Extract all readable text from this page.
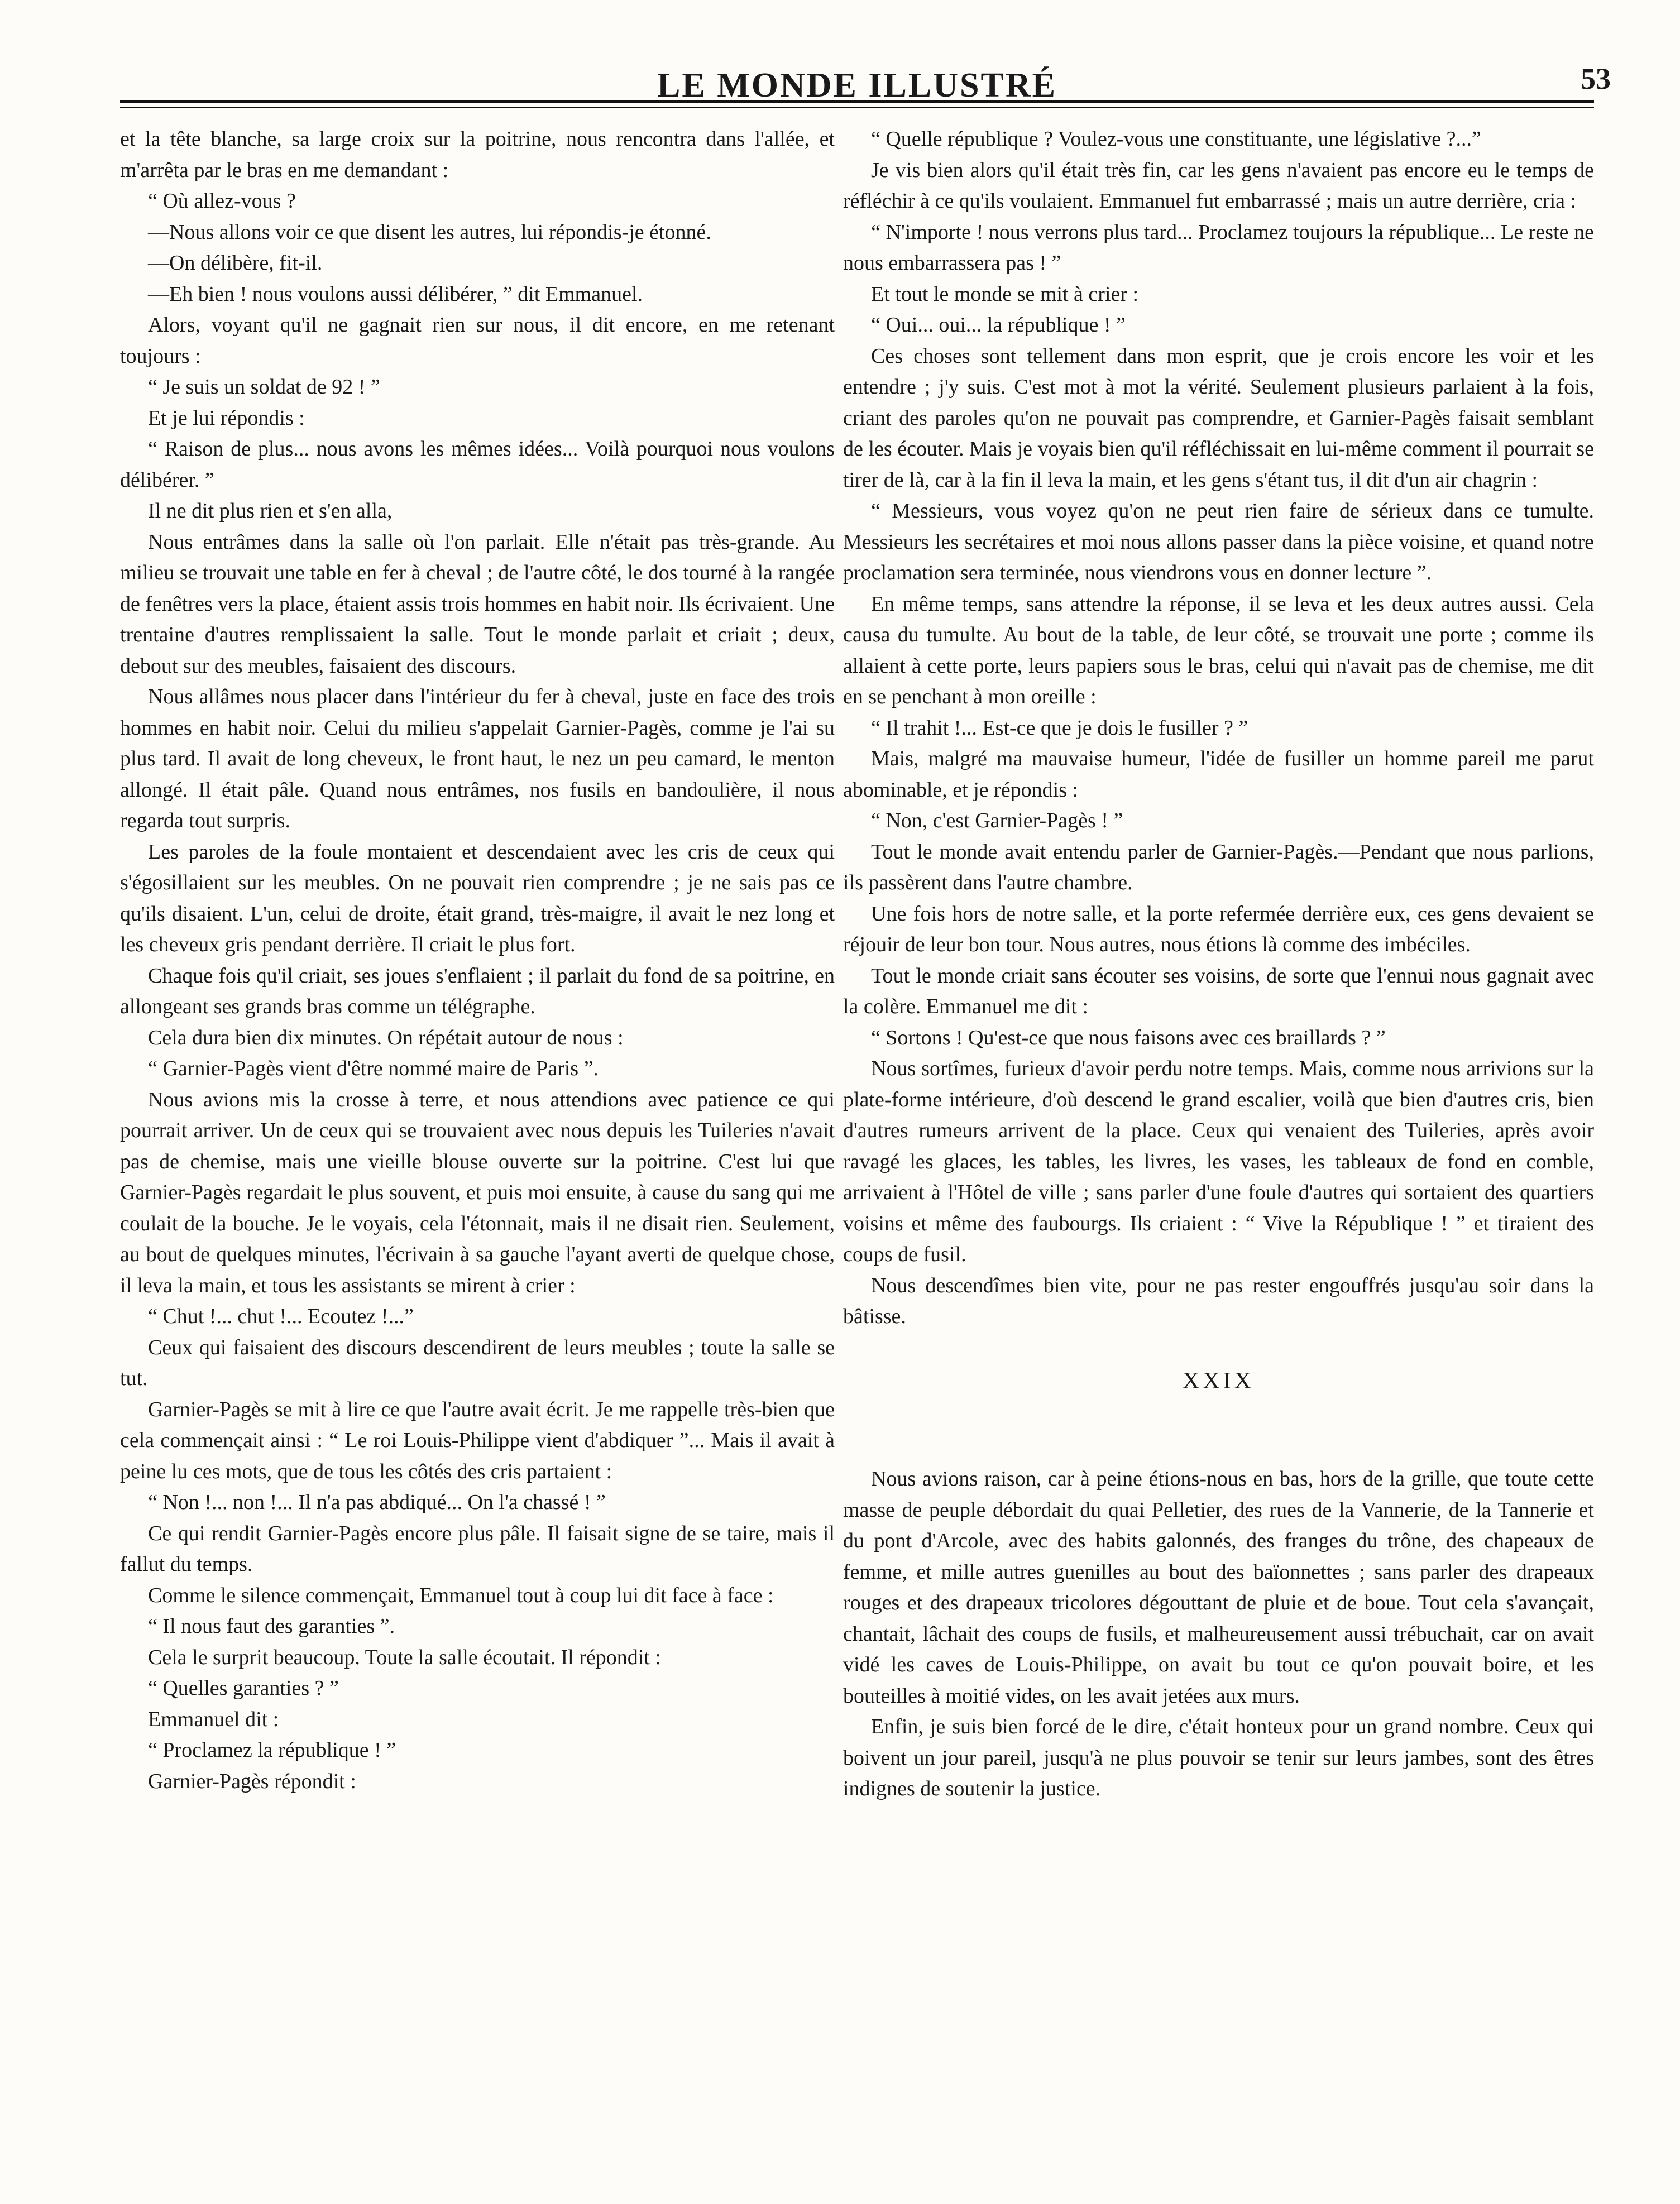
LE MONDE ILLUSTRÉ	53

et la tête blanche, sa large croix sur la poitrine, nous rencontra dans l'allée, et m'arrêta par le bras en me demandant :

“ Où allez-vous ?

—Nous allons voir ce que disent les autres, lui répondis-je étonné.

—On délibère, fit-il.

—Eh bien ! nous voulons aussi délibérer, ” dit Emmanuel.

Alors, voyant qu'il ne gagnait rien sur nous, il dit encore, en me retenant toujours :

“ Je suis un soldat de 92 ! ”

Et je lui répondis :

“ Raison de plus... nous avons les mêmes idées... Voilà pourquoi nous voulons délibérer. ”

Il ne dit plus rien et s'en alla,

Nous entrâmes dans la salle où l'on parlait. Elle n'était pas très-grande. Au milieu se trouvait une table en fer à cheval ; de l'autre côté, le dos tourné à la rangée de fenêtres vers la place, étaient assis trois hommes en habit noir. Ils écrivaient. Une trentaine d'autres remplissaient la salle. Tout le monde parlait et criait ; deux, debout sur des meubles, faisaient des discours.

Nous allâmes nous placer dans l'intérieur du fer à cheval, juste en face des trois hommes en habit noir. Celui du milieu s'appelait Garnier-Pagès, comme je l'ai su plus tard. Il avait de long cheveux, le front haut, le nez un peu camard, le menton allongé. Il était pâle. Quand nous entrâmes, nos fusils en bandoulière, il nous regarda tout surpris.

Les paroles de la foule montaient et descendaient avec les cris de ceux qui s'égosillaient sur les meubles. On ne pouvait rien comprendre ; je ne sais pas ce qu'ils disaient. L'un, celui de droite, était grand, très-maigre, il avait le nez long et les cheveux gris pendant derrière. Il criait le plus fort.

Chaque fois qu'il criait, ses joues s'enflaient ; il parlait du fond de sa poitrine, en allongeant ses grands bras comme un télégraphe.

Cela dura bien dix minutes. On répétait autour de nous :

“ Garnier-Pagès vient d'être nommé maire de Paris ”.

Nous avions mis la crosse à terre, et nous attendions avec patience ce qui pourrait arriver. Un de ceux qui se trouvaient avec nous depuis les Tuileries n'avait pas de chemise, mais une vieille blouse ouverte sur la poitrine. C'est lui que Garnier-Pagès regardait le plus souvent, et puis moi ensuite, à cause du sang qui me coulait de la bouche. Je le voyais, cela l'étonnait, mais il ne disait rien. Seulement, au bout de quelques minutes, l'écrivain à sa gauche l'ayant averti de quelque chose, il leva la main, et tous les assistants se mirent à crier :

“ Chut !... chut !... Ecoutez !...”

Ceux qui faisaient des discours descendirent de leurs meubles ; toute la salle se tut.

Garnier-Pagès se mit à lire ce que l'autre avait écrit. Je me rappelle très-bien que cela commençait ainsi : “ Le roi Louis-Philippe vient d'abdiquer ”... Mais il avait à peine lu ces mots, que de tous les côtés des cris partaient :

“ Non !... non !... Il n'a pas abdiqué... On l'a chassé ! ”

Ce qui rendit Garnier-Pagès encore plus pâle. Il faisait signe de se taire, mais il fallut du temps.

Comme le silence commençait, Emmanuel tout à coup lui dit face à face :

“ Il nous faut des garanties ”.

Cela le surprit beaucoup. Toute la salle écoutait. Il répondit :

“ Quelles garanties ? ”

Emmanuel dit :

“ Proclamez la république ! ”

Garnier-Pagès répondit :

“ Quelle république ? Voulez-vous une constituante, une législative ?...”

Je vis bien alors qu'il était très fin, car les gens n'avaient pas encore eu le temps de réfléchir à ce qu'ils voulaient. Emmanuel fut embarrassé ; mais un autre derrière, cria :

“ N'importe ! nous verrons plus tard... Proclamez toujours la république... Le reste ne nous embarrassera pas ! ”

Et tout le monde se mit à crier :

“ Oui... oui... la république ! ”

Ces choses sont tellement dans mon esprit, que je crois encore les voir et les entendre ; j'y suis. C'est mot à mot la vérité. Seulement plusieurs parlaient à la fois, criant des paroles qu'on ne pouvait pas comprendre, et Garnier-Pagès faisait semblant de les écouter. Mais je voyais bien qu'il réfléchissait en lui-même comment il pourrait se tirer de là, car à la fin il leva la main, et les gens s'étant tus, il dit d'un air chagrin :

“ Messieurs, vous voyez qu'on ne peut rien faire de sérieux dans ce tumulte. Messieurs les secrétaires et moi nous allons passer dans la pièce voisine, et quand notre proclamation sera terminée, nous viendrons vous en donner lecture ”.

En même temps, sans attendre la réponse, il se leva et les deux autres aussi. Cela causa du tumulte. Au bout de la table, de leur côté, se trouvait une porte ; comme ils allaient à cette porte, leurs papiers sous le bras, celui qui n'avait pas de chemise, me dit en se penchant à mon oreille :

“ Il trahit !... Est-ce que je dois le fusiller ? ”

Mais, malgré ma mauvaise humeur, l'idée de fusiller un homme pareil me parut abominable, et je répondis :

“ Non, c'est Garnier-Pagès ! ”

Tout le monde avait entendu parler de Garnier-Pagès.—Pendant que nous parlions, ils passèrent dans l'autre chambre.

Une fois hors de notre salle, et la porte refermée derrière eux, ces gens devaient se réjouir de leur bon tour. Nous autres, nous étions là comme des imbéciles.

Tout le monde criait sans écouter ses voisins, de sorte que l'ennui nous gagnait avec la colère. Emmanuel me dit :

“ Sortons ! Qu'est-ce que nous faisons avec ces braillards ? ”

Nous sortîmes, furieux d'avoir perdu notre temps. Mais, comme nous arrivions sur la plate-forme intérieure, d'où descend le grand escalier, voilà que bien d'autres cris, bien d'autres rumeurs arrivent de la place. Ceux qui venaient des Tuileries, après avoir ravagé les glaces, les tables, les livres, les vases, les tableaux de fond en comble, arrivaient à l'Hôtel de ville ; sans parler d'une foule d'autres qui sortaient des quartiers voisins et même des faubourgs. Ils criaient : “ Vive la République ! ” et tiraient des coups de fusil.

Nous descendîmes bien vite, pour ne pas rester engouffrés jusqu'au soir dans la bâtisse.

XXIX

Nous avions raison, car à peine étions-nous en bas, hors de la grille, que toute cette masse de peuple débordait du quai Pelletier, des rues de la Vannerie, de la Tannerie et du pont d'Arcole, avec des habits galonnés, des franges du trône, des chapeaux de femme, et mille autres guenilles au bout des baïonnettes ; sans parler des drapeaux rouges et des drapeaux tricolores dégouttant de pluie et de boue. Tout cela s'avançait, chantait, lâchait des coups de fusils, et malheureusement aussi trébuchait, car on avait vidé les caves de Louis-Philippe, on avait bu tout ce qu'on pouvait boire, et les bouteilles à moitié vides, on les avait jetées aux murs.

Enfin, je suis bien forcé de le dire, c'était honteux pour un grand nombre. Ceux qui boivent un jour pareil, jusqu'à ne plus pouvoir se tenir sur leurs jambes, sont des êtres indignes de soutenir la justice.
